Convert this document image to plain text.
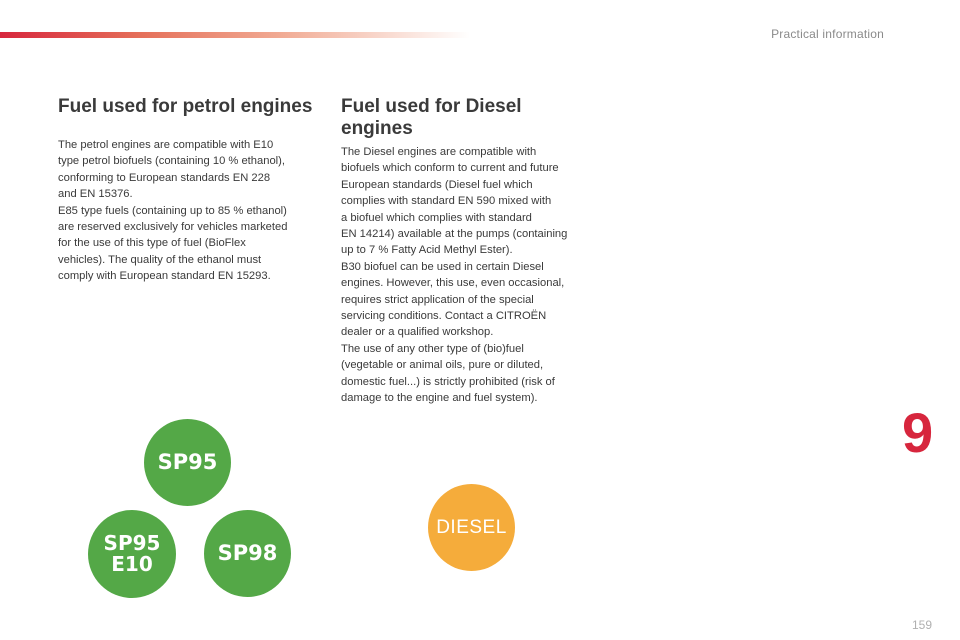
Practical information
Fuel used for petrol engines

The petrol engines are compatible with E10
type petrol biofuels (containing 10 % ethanol),
conforming to European standards EN 228
and EN 15376.
E85 type fuels (containing up to 85 % ethanol)
are reserved exclusively for vehicles marketed
for the use of this type of fuel (BioFlex
vehicles). The quality of the ethanol must
comply with European standard EN 15293.

Fuel used for Diesel
engines

The Diesel engines are compatible with
biofuels which conform to current and future
European standards (Diesel fuel which
complies with standard EN 590 mixed with
a biofuel which complies with standard
EN 14214) available at the pumps (containing
up to 7 % Fatty Acid Methyl Ester).
B30 biofuel can be used in certain Diesel
engines. However, this use, even occasional,
requires strict application of the special
servicing conditions. Contact a CITROËN
dealer or a qualified workshop.
The use of any other type of (bio)fuel
(vegetable or animal oils, pure or diluted,
domestic fuel...) is strictly prohibited (risk of
damage to the engine and fuel system).

SP95
SP95
E10	SP98
DIESEL
9
159
